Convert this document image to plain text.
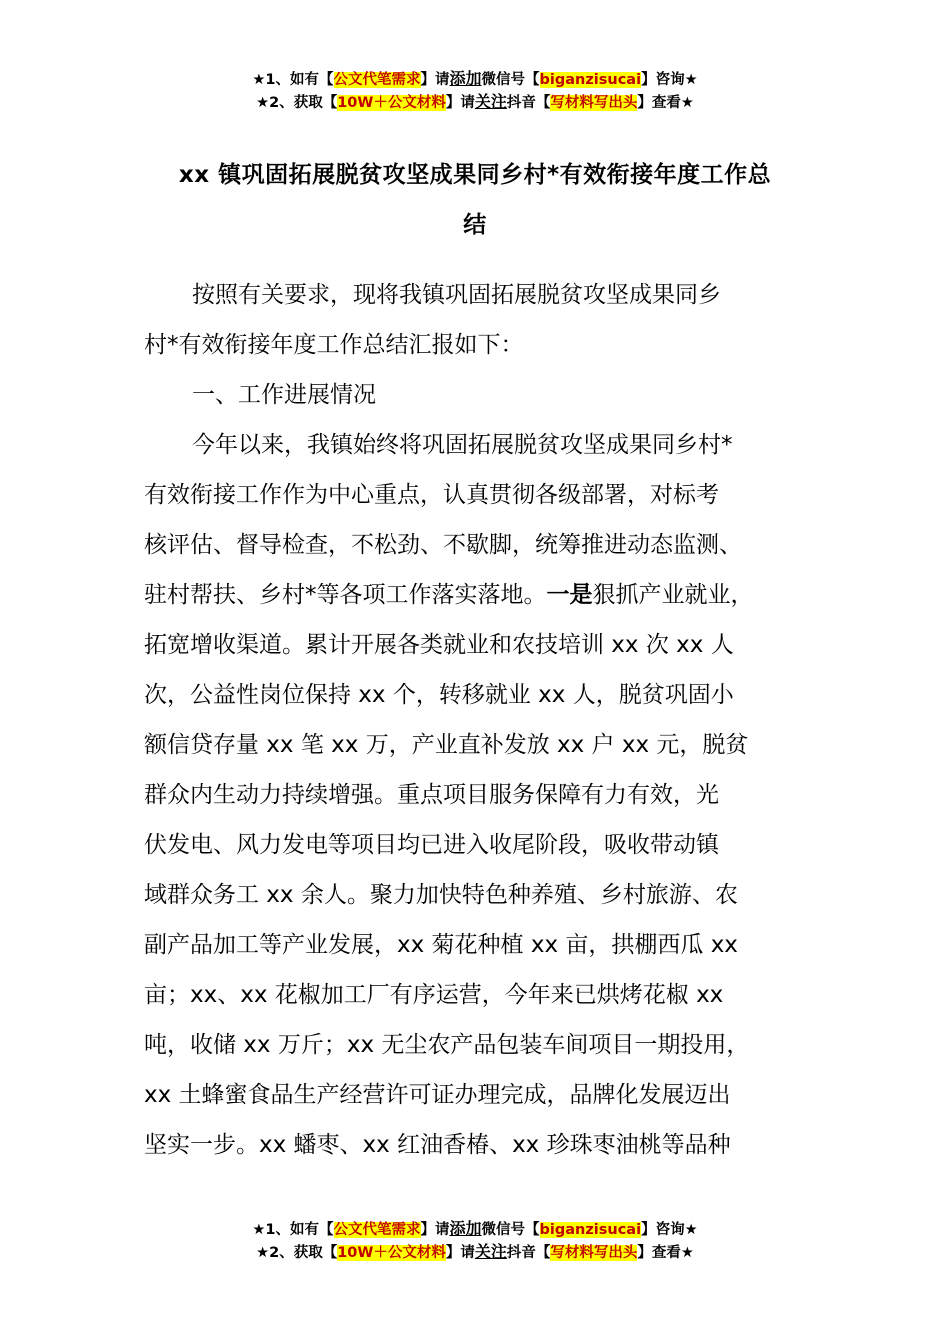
★1、如有【公文代笔需求】请添加微信号【biganzisucai】咨询★
★2、获取【10W＋公文材料】请关注抖音【写材料写出头】查看★
xx 镇巩固拓展脱贫攻坚成果同乡村*有效衔接年度工作总
结
按照有关要求，现将我镇巩固拓展脱贫攻坚成果同乡
村*有效衔接年度工作总结汇报如下：
一、工作进展情况
今年以来，我镇始终将巩固拓展脱贫攻坚成果同乡村*
有效衔接工作作为中心重点，认真贯彻各级部署，对标考
核评估、督导检查，不松劲、不歇脚，统筹推进动态监测、
驻村帮扶、乡村*等各项工作落实落地。一是狠抓产业就业，
拓宽增收渠道。累计开展各类就业和农技培训 xx 次 xx 人
次，公益性岗位保持 xx 个，转移就业 xx 人，脱贫巩固小
额信贷存量 xx 笔 xx 万，产业直补发放 xx 户 xx 元，脱贫
群众内生动力持续增强。重点项目服务保障有力有效，光
伏发电、风力发电等项目均已进入收尾阶段，吸收带动镇
域群众务工 xx 余人。聚力加快特色种养殖、乡村旅游、农
副产品加工等产业发展，xx 菊花种植 xx 亩，拱棚西瓜 xx
亩；xx、xx 花椒加工厂有序运营，今年来已烘烤花椒 xx
吨，收储 xx 万斤；xx 无尘农产品包装车间项目一期投用，
xx 土蜂蜜食品生产经营许可证办理完成，品牌化发展迈出
坚实一步。xx 蟠枣、xx 红油香椿、xx 珍珠枣油桃等品种
★1、如有【公文代笔需求】请添加微信号【biganzisucai】咨询★
★2、获取【10W＋公文材料】请关注抖音【写材料写出头】查看★
